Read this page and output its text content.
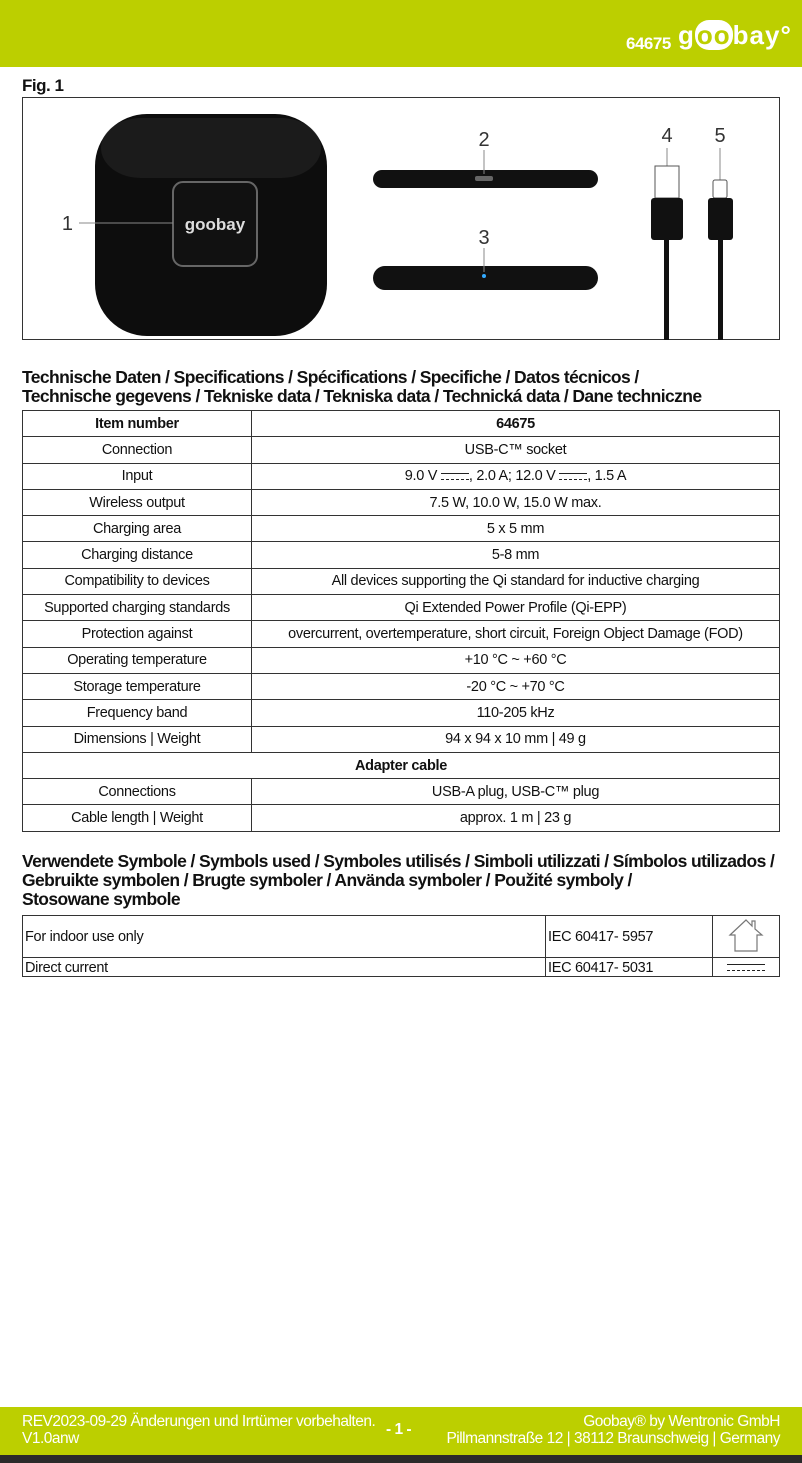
64675 goobay°
Fig. 1
goobay
1
2
3
4 5
Technische Daten / Specifications / Spécifications / Specifiche / Datos técnicos /
Technische gegevens / Tekniske data / Tekniska data / Technická data / Dane techniczne
Item number	64675
Connection	USB-C™ socket
Input	9.0 V , 2.0 A; 12.0 V , 1.5 A
Wireless output	7.5 W, 10.0 W, 15.0 W max.
Charging area	5 x 5 mm
Charging distance	5-8 mm
Compatibility to devices	All devices supporting the Qi standard for inductive charging
Supported charging standards	Qi Extended Power Profile (Qi-EPP)
Protection against	overcurrent, overtemperature, short circuit, Foreign Object Damage (FOD)
Operating temperature	+10 °C ~ +60 °C
Storage temperature	-20 °C ~ +70 °C
Frequency band	110-205 kHz
Dimensions | Weight	94 x 94 x 10 mm | 49 g
Adapter cable	
Connections	USB-A plug, USB-C™ plug
Cable length | Weight	approx. 1 m | 23 g
Verwendete Symbole / Symbols used / Symboles utilisés / Simboli utilizzati / Símbolos utilizados /
Gebruikte symbolen / Brugte symboler / Använda symboler / Použité symboly /
Stosowane symbole
For indoor use only	IEC 60417- 5957	
Direct current	IEC 60417- 5031	
REV2023-09-29 Änderungen und Irrtümer vorbehalten.
V1.0anw
- 1 -	Goobay® by Wentronic GmbH
Pillmannstraße 12 | 38112 Braunschweig | Germany
